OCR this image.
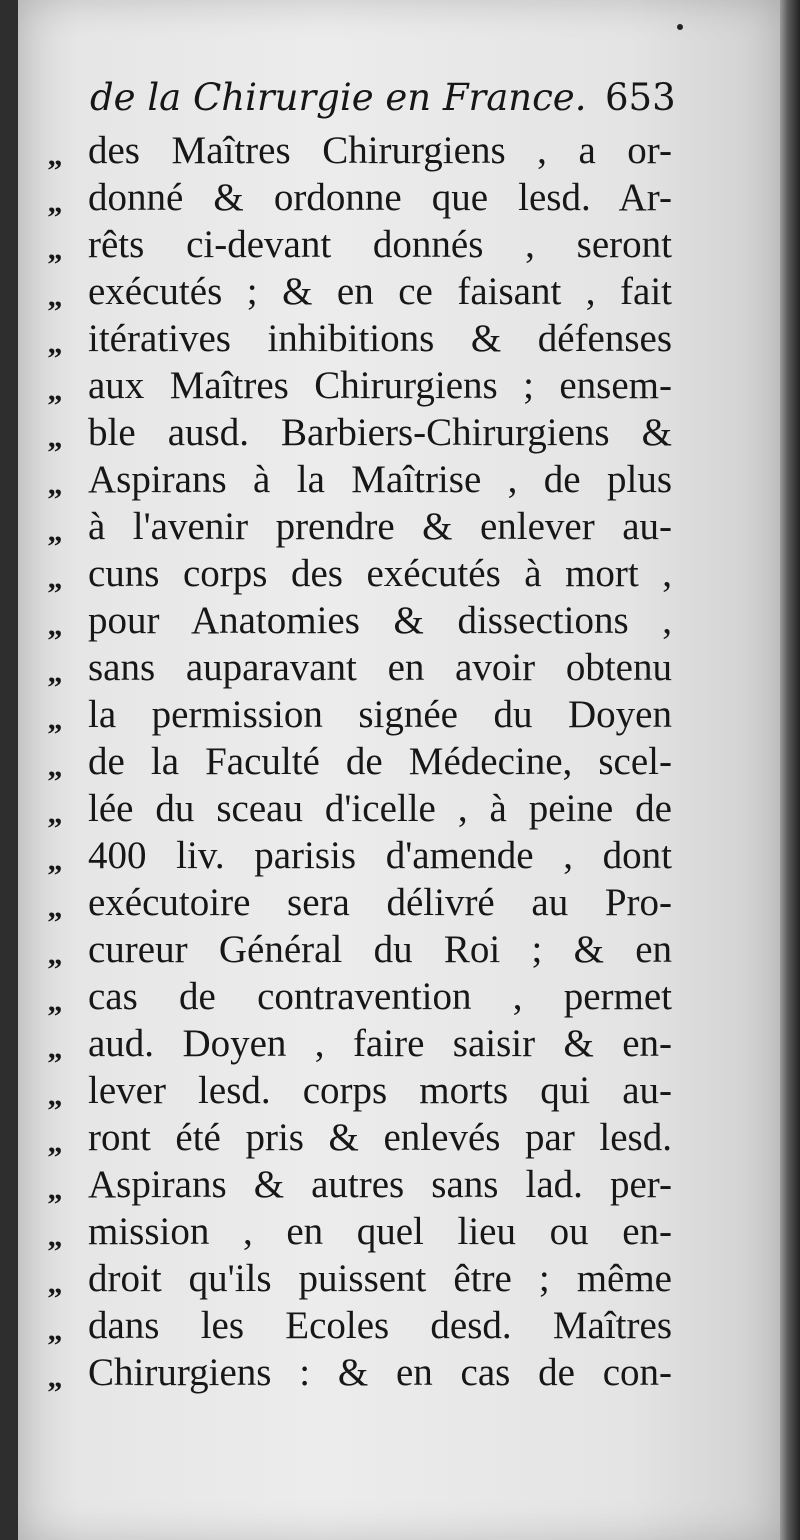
de la Chirurgie en France. 653
,, des Maîtres Chirurgiens , a or-
,, donné & ordonne que lesd. Ar-
,, rêts ci-devant donnés , seront
,, exécutés ; & en ce faisant , fait
,, itératives inhibitions & défenses
,, aux Maîtres Chirurgiens ; ensem-
,, ble ausd. Barbiers-Chirurgiens &
,, Aspirans à la Maîtrise , de plus
,, à l'avenir prendre & enlever au-
,, cuns corps des exécutés à mort ,
,, pour Anatomies & dissections ,
,, sans auparavant en avoir obtenu
,, la permission signée du Doyen
,, de la Faculté de Médecine, scel-
,, lée du sceau d'icelle , à peine de
,, 400 liv. parisis d'amende , dont
,, exécutoire sera délivré au Pro-
,, cureur Général du Roi ; & en
,, cas de contravention , permet
,, aud. Doyen , faire saisir & en-
,, lever lesd. corps morts qui au-
,, ront été pris & enlevés par lesd.
,, Aspirans & autres sans lad. per-
,, mission , en quel lieu ou en-
,, droit qu'ils puissent être ; même
,, dans les Ecoles desd. Maîtres
,, Chirurgiens : & en cas de con-
